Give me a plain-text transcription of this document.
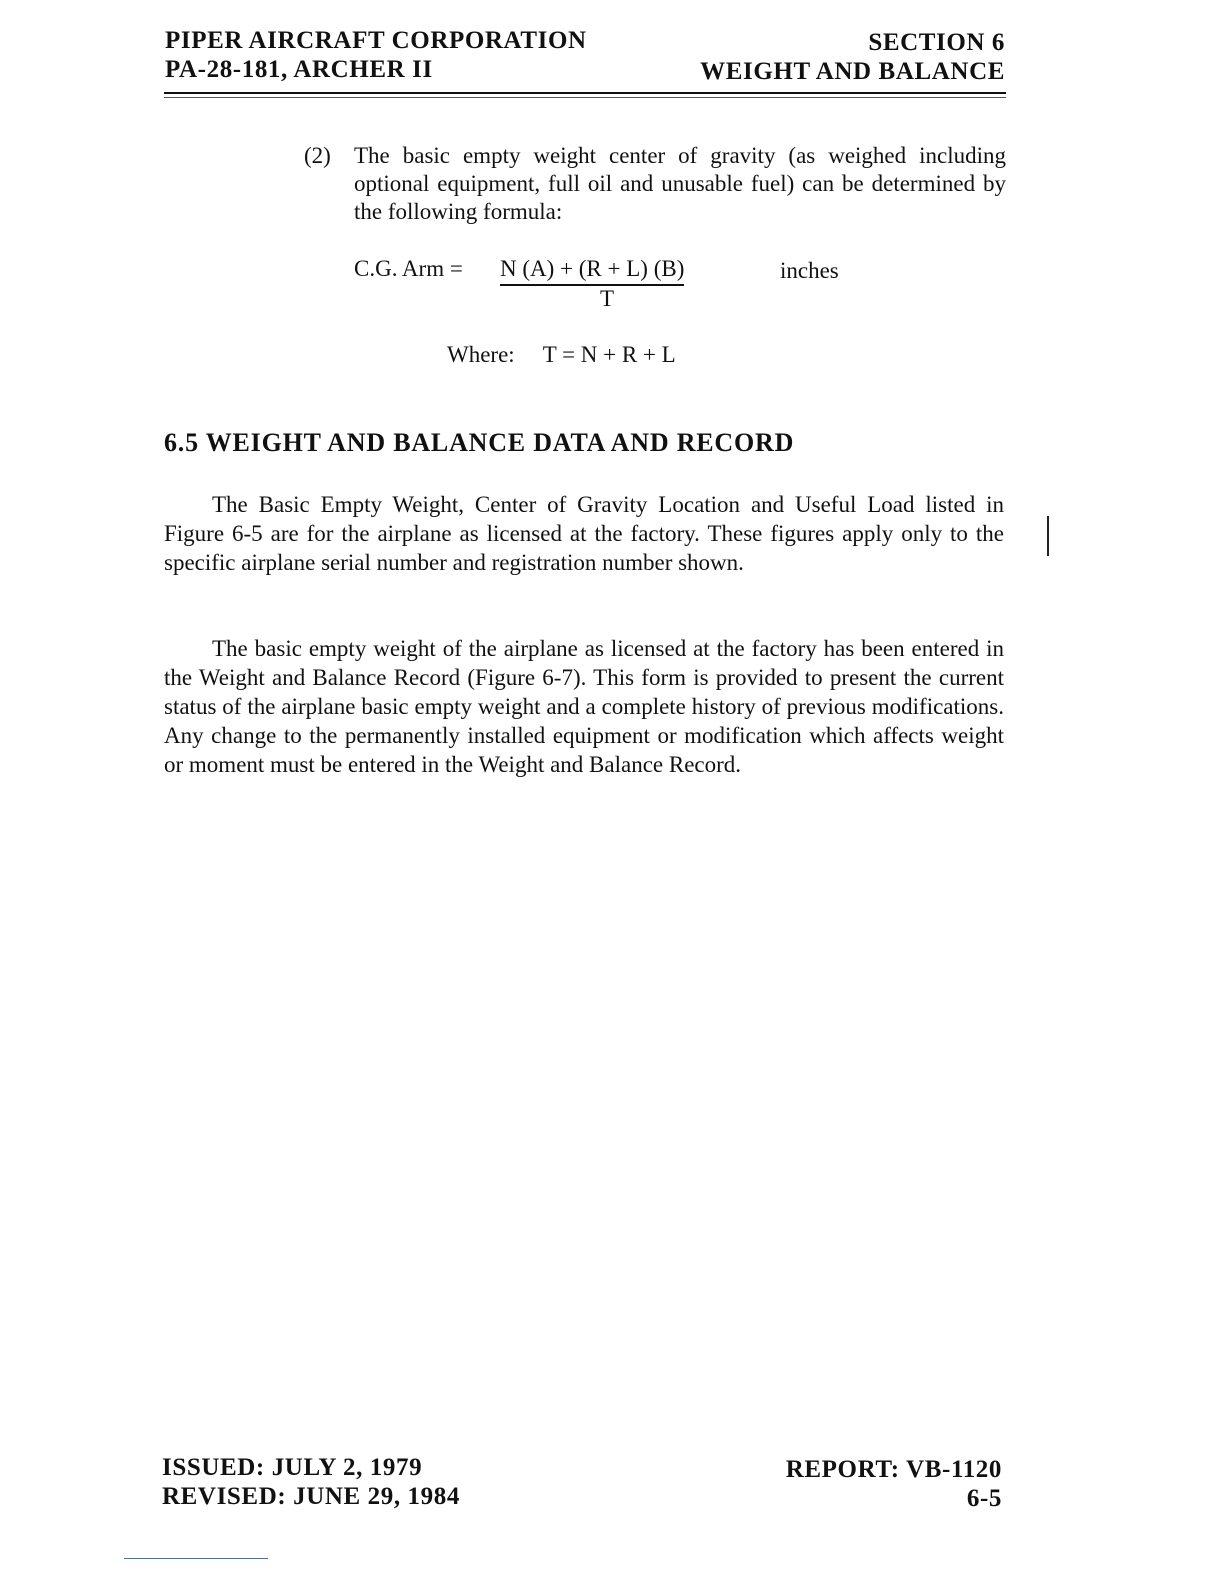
PIPER AIRCRAFT CORPORATION
PA-28-181, ARCHER II
SECTION 6
WEIGHT AND BALANCE
(2) The basic empty weight center of gravity (as weighed including optional equipment, full oil and unusable fuel) can be determined by the following formula:
C.G. Arm = N (A) + (R + L) (B)
T
inches
Where: T = N + R + L
6.5 WEIGHT AND BALANCE DATA AND RECORD
The Basic Empty Weight, Center of Gravity Location and Useful Load listed in Figure 6-5 are for the airplane as licensed at the factory. These figures apply only to the specific airplane serial number and registration number shown.
The basic empty weight of the airplane as licensed at the factory has been entered in the Weight and Balance Record (Figure 6-7). This form is provided to present the current status of the airplane basic empty weight and a complete history of previous modifications. Any change to the permanently installed equipment or modification which affects weight or moment must be entered in the Weight and Balance Record.
ISSUED: JULY 2, 1979
REVISED: JUNE 29, 1984
REPORT: VB-1120
6-5
